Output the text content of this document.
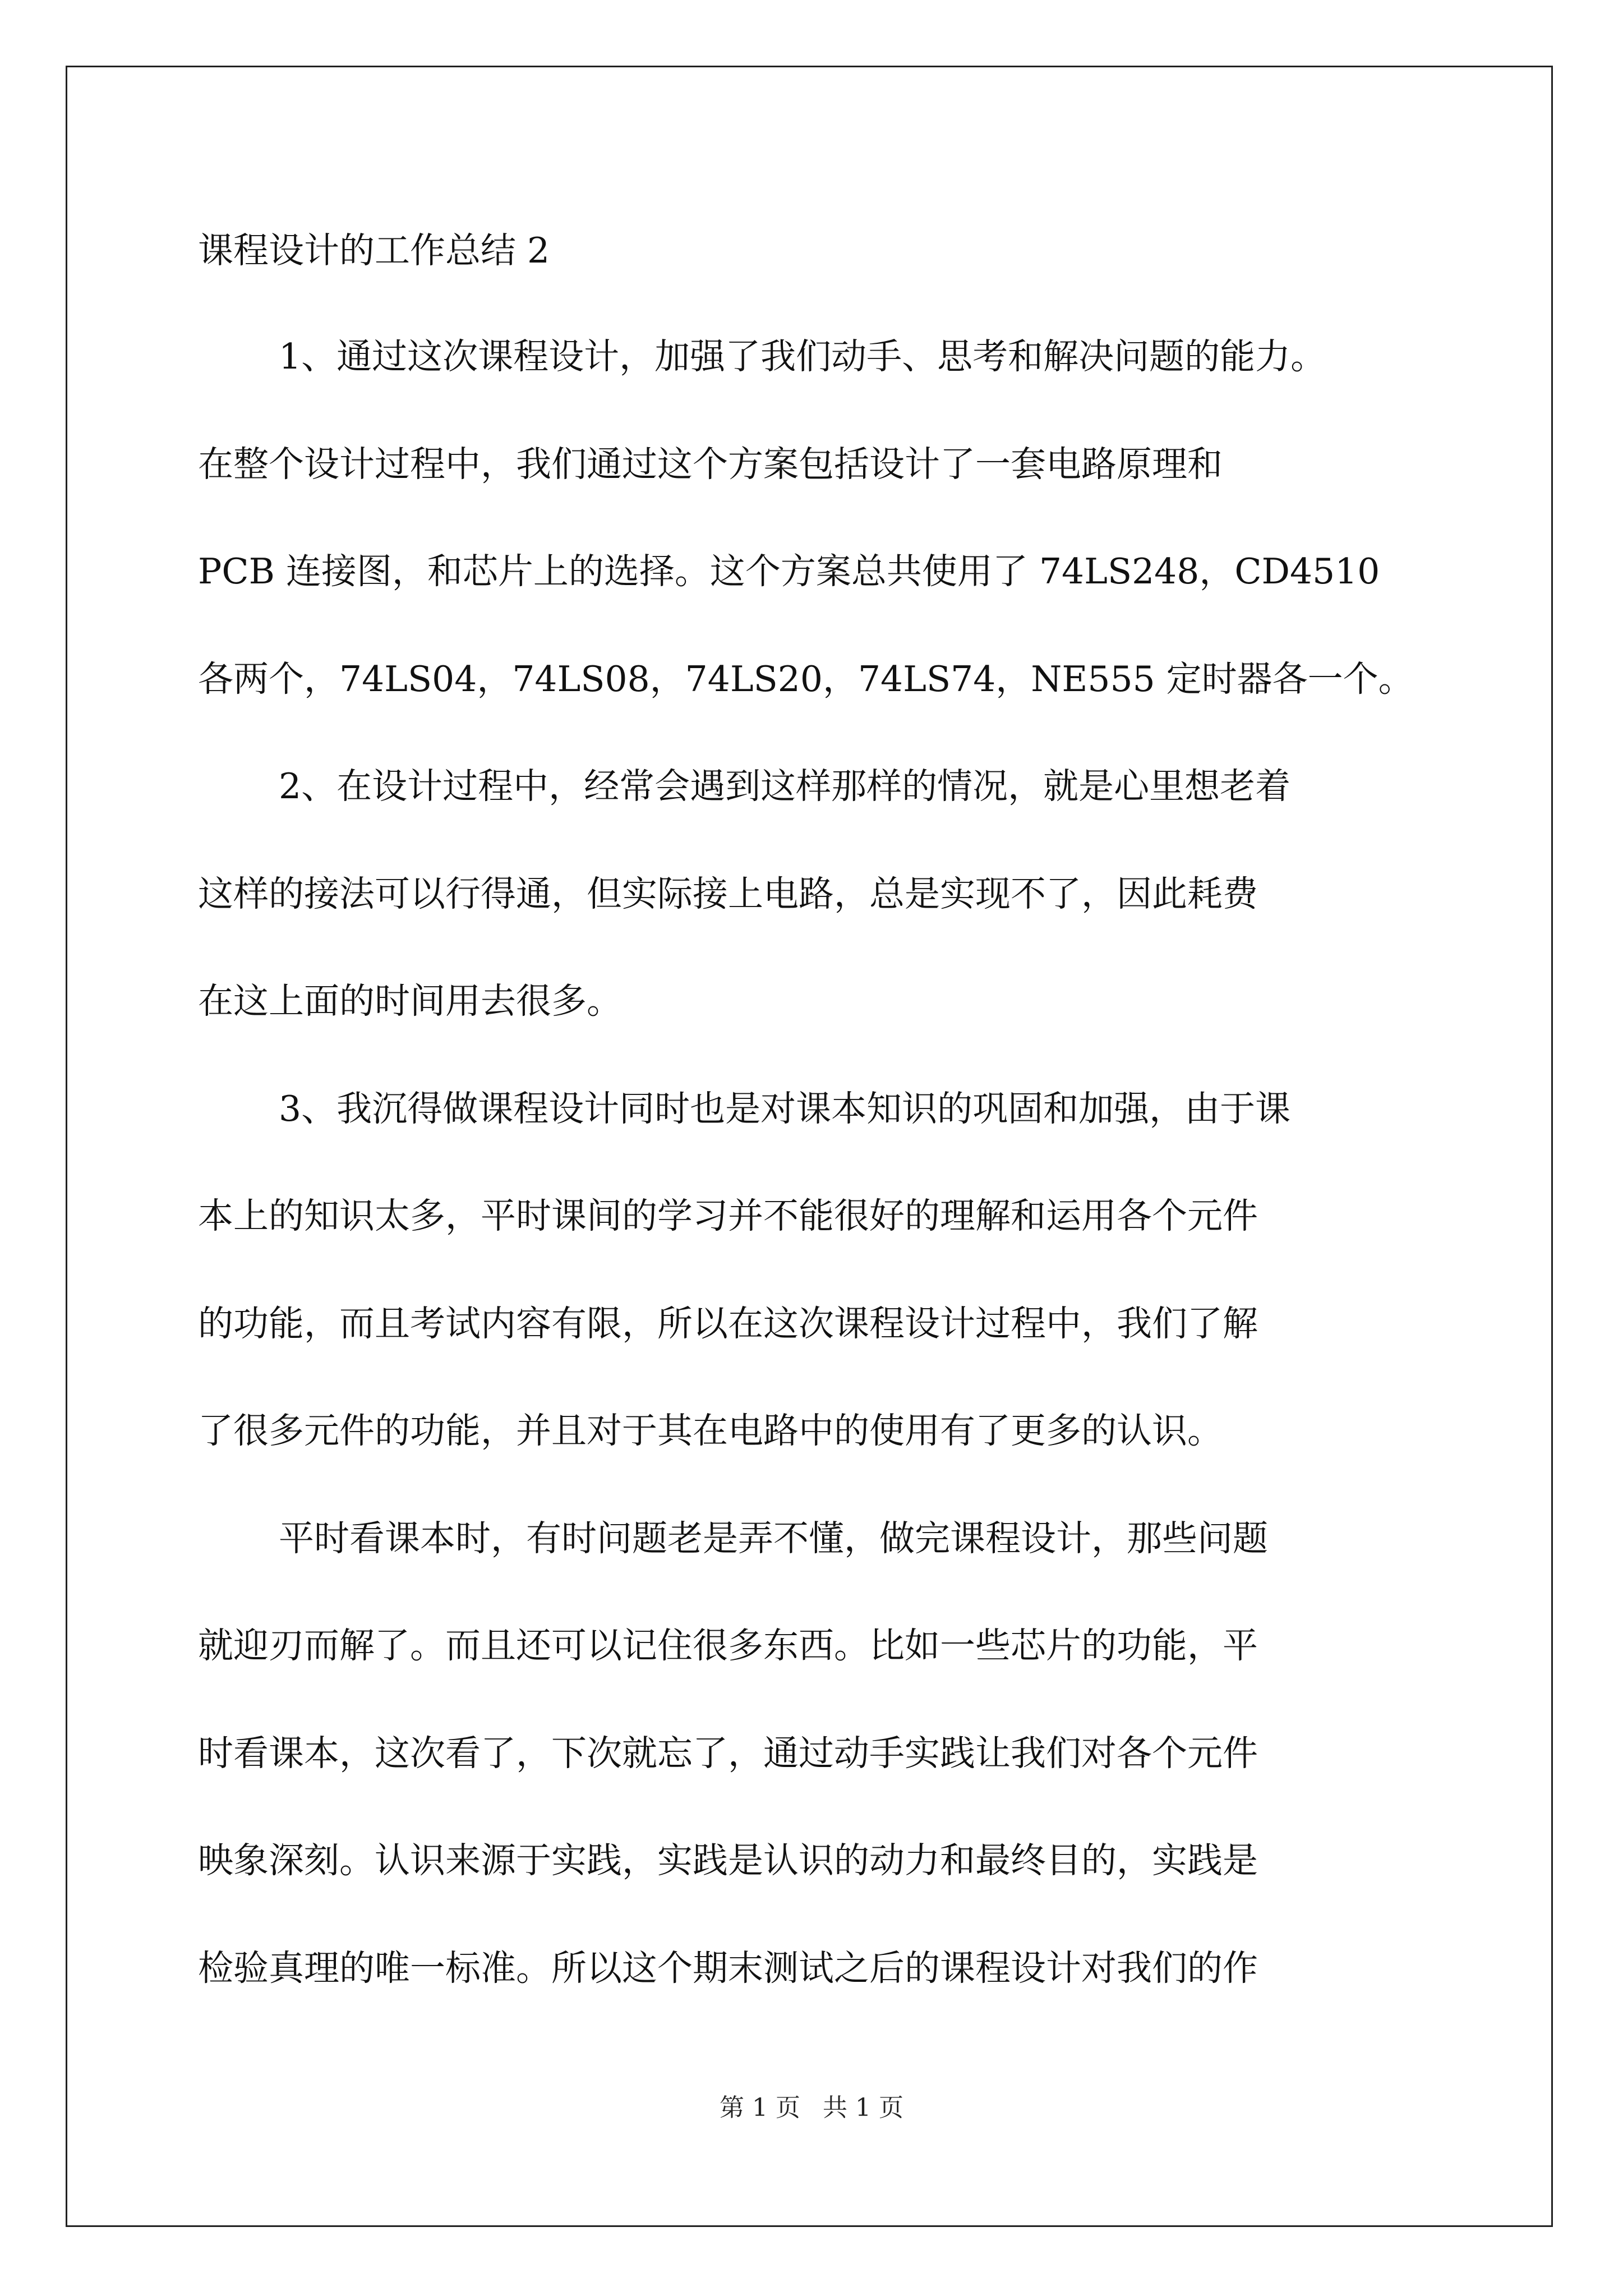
课程设计的工作总结 2
1、通过这次课程设计，加强了我们动手、思考和解决问题的能力。
在整个设计过程中，我们通过这个方案包括设计了一套电路原理和
PCB 连接图，和芯片上的选择。这个方案总共使用了 74LS248，CD4510
各两个，74LS04，74LS08，74LS20，74LS74，NE555 定时器各一个。
2、在设计过程中，经常会遇到这样那样的情况，就是心里想老着
这样的接法可以行得通，但实际接上电路，总是实现不了，因此耗费
在这上面的时间用去很多。
3、我沉得做课程设计同时也是对课本知识的巩固和加强，由于课
本上的知识太多，平时课间的学习并不能很好的理解和运用各个元件
的功能，而且考试内容有限，所以在这次课程设计过程中，我们了解
了很多元件的功能，并且对于其在电路中的使用有了更多的认识。
平时看课本时，有时问题老是弄不懂，做完课程设计，那些问题
就迎刃而解了。而且还可以记住很多东西。比如一些芯片的功能，平
时看课本，这次看了，下次就忘了，通过动手实践让我们对各个元件
映象深刻。认识来源于实践，实践是认识的动力和最终目的，实践是
检验真理的唯一标准。所以这个期末测试之后的课程设计对我们的作
第 1 页 共 1 页
